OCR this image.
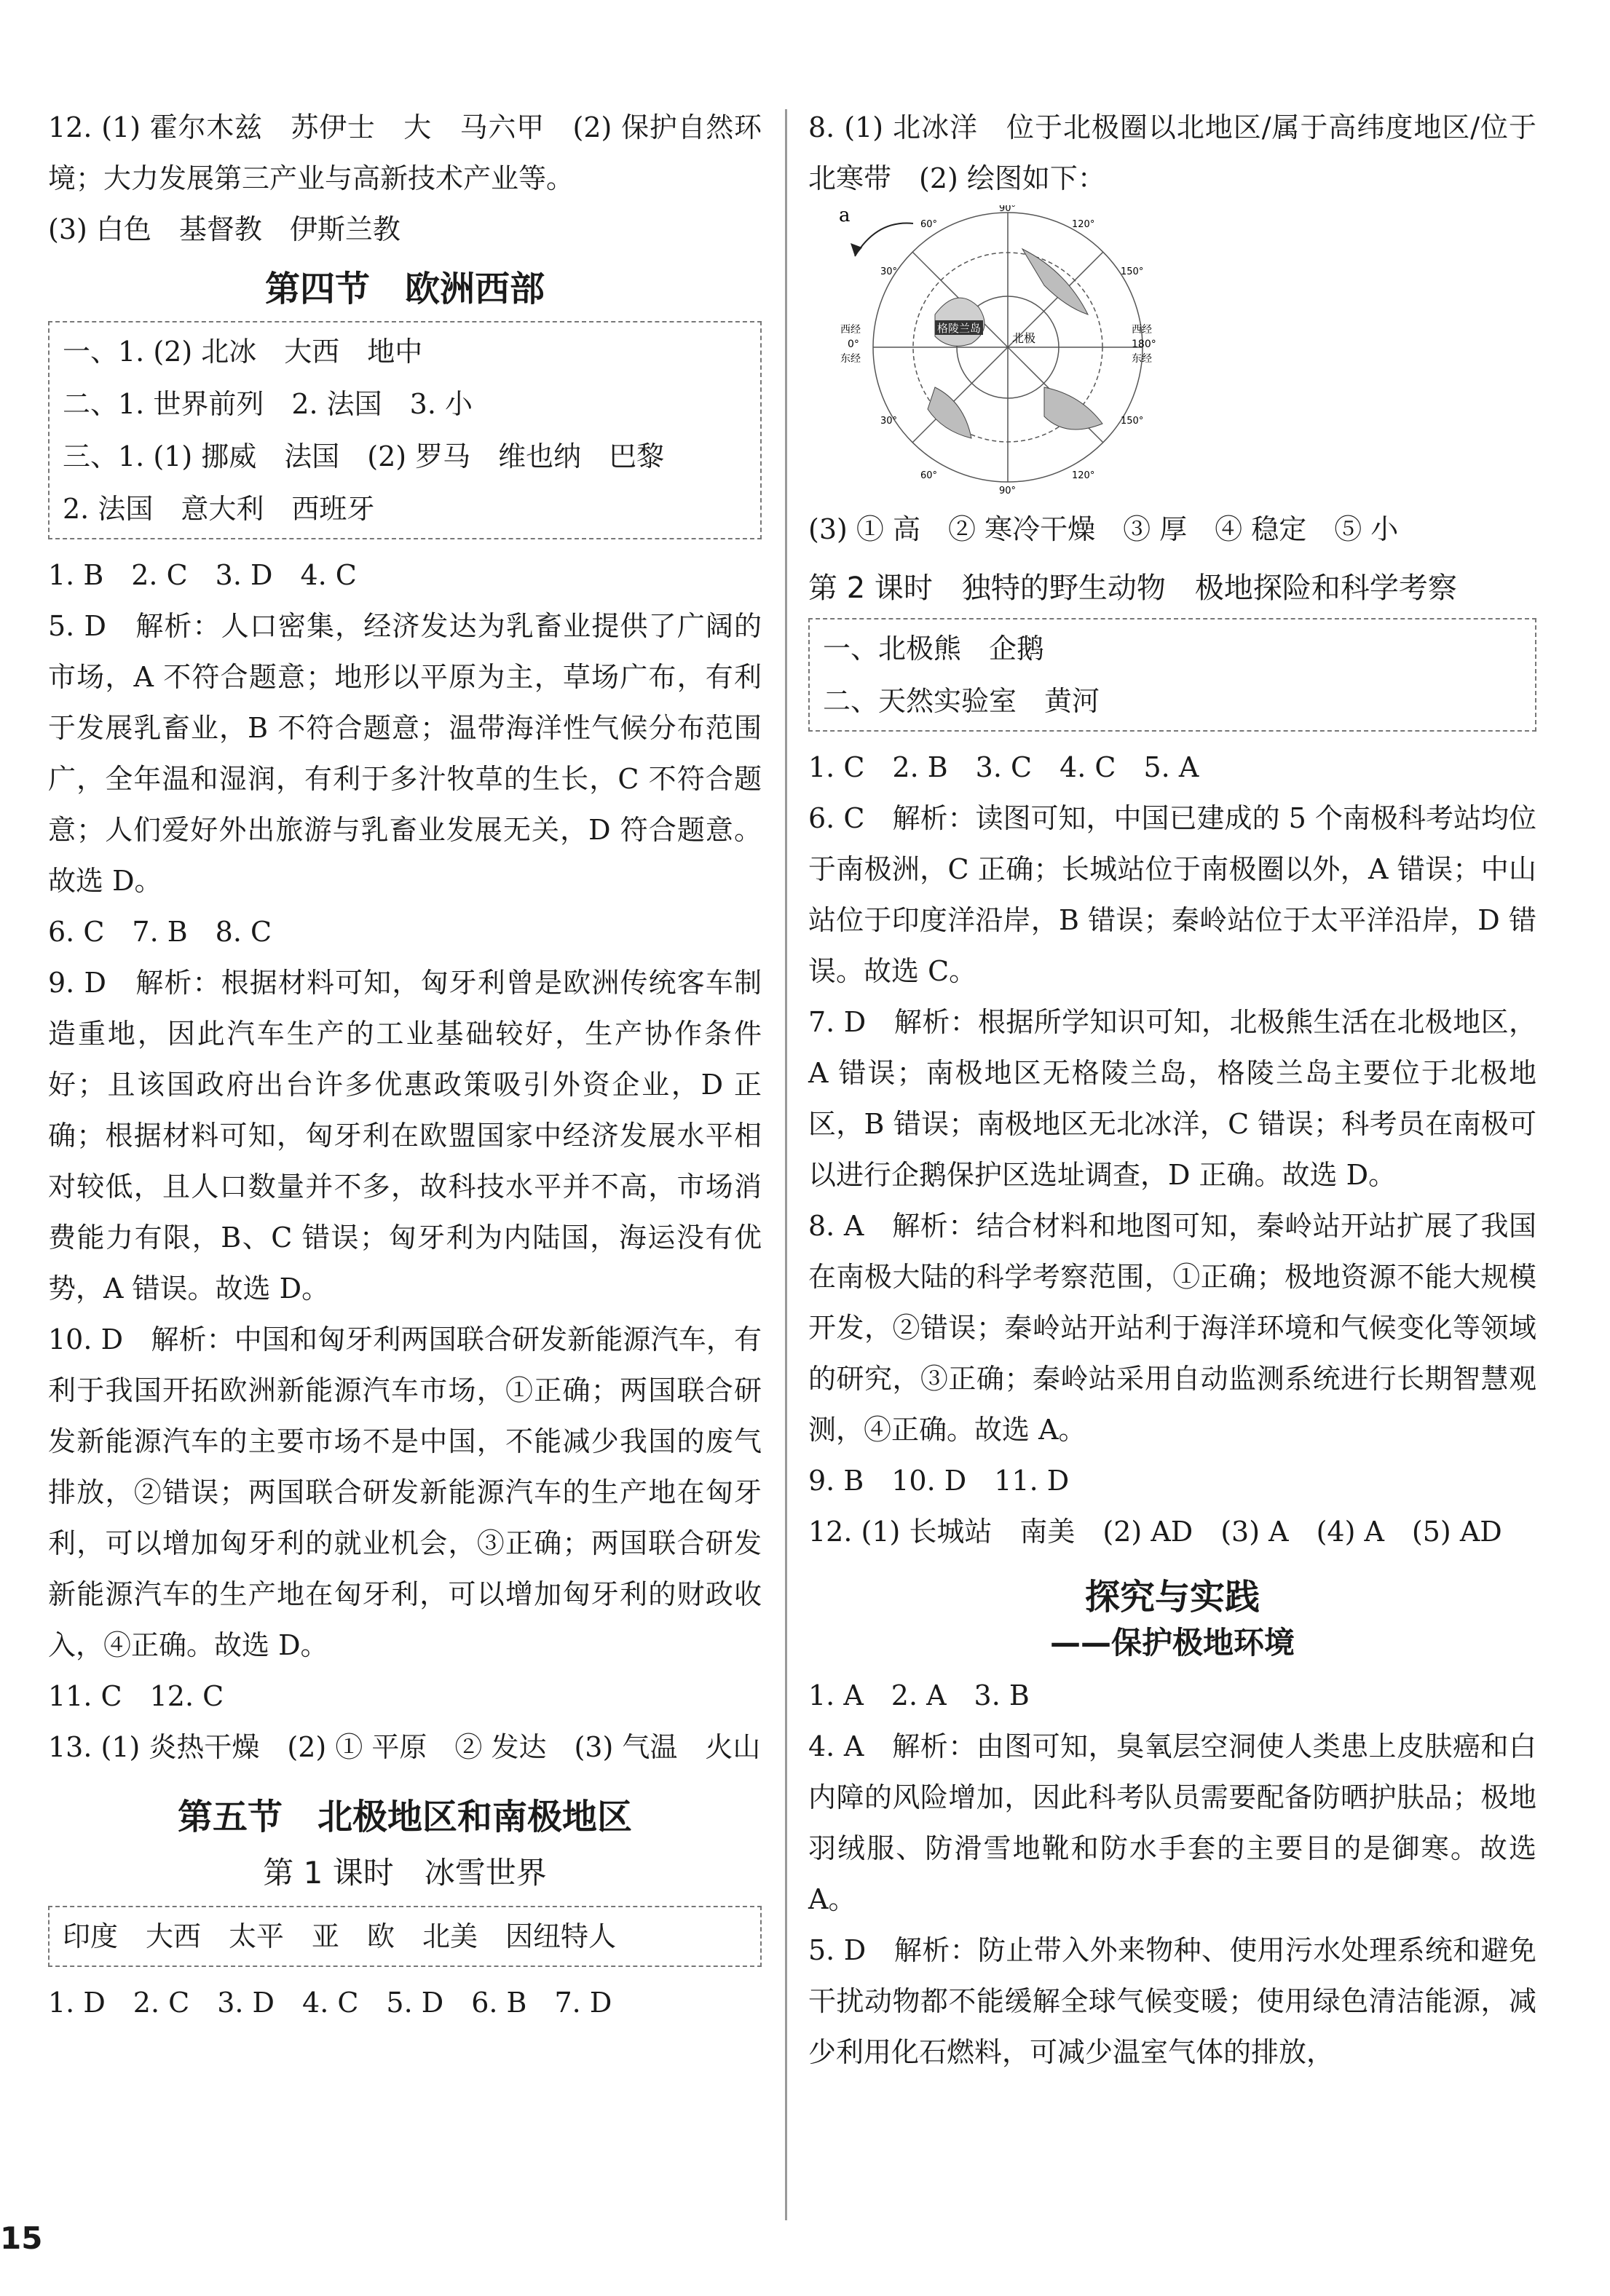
12. (1) 霍尔木兹　苏伊士　大　马六甲　(2) 保护自然环境；大力发展第三产业与高新技术产业等。

(3) 白色　基督教　伊斯兰教

第四节　欧洲西部

一、1. (2) 北冰　大西　地中

二、1. 世界前列　2. 法国　3. 小

三、1. (1) 挪威　法国　(2) 罗马　维也纳　巴黎

2. 法国　意大利　西班牙

1. B　2. C　3. D　4. C

5. D　解析：人口密集，经济发达为乳畜业提供了广阔的市场，A 不符合题意；地形以平原为主，草场广布，有利于发展乳畜业，B 不符合题意；温带海洋性气候分布范围广，全年温和湿润，有利于多汁牧草的生长，C 不符合题意；人们爱好外出旅游与乳畜业发展无关，D 符合题意。故选 D。

6. C　7. B　8. C

9. D　解析：根据材料可知，匈牙利曾是欧洲传统客车制造重地，因此汽车生产的工业基础较好，生产协作条件好；且该国政府出台许多优惠政策吸引外资企业，D 正确；根据材料可知，匈牙利在欧盟国家中经济发展水平相对较低，且人口数量并不多，故科技水平并不高，市场消费能力有限，B、C 错误；匈牙利为内陆国，海运没有优势，A 错误。故选 D。

10. D　解析：中国和匈牙利两国联合研发新能源汽车，有利于我国开拓欧洲新能源汽车市场，①正确；两国联合研发新能源汽车的主要市场不是中国，不能减少我国的废气排放，②错误；两国联合研发新能源汽车的生产地在匈牙利，可以增加匈牙利的就业机会，③正确；两国联合研发新能源汽车的生产地在匈牙利，可以增加匈牙利的财政收入，④正确。故选 D。

11. C　12. C

13. (1) 炎热干燥　(2) ① 平原　② 发达　(3) 气温　火山

第五节　北极地区和南极地区
第 1 课时　冰雪世界

印度　大西　太平　亚　欧　北美　因纽特人

1. D　2. C　3. D　4. C　5. D　6. B　7. D

8. (1) 北冰洋　位于北极圈以北地区/属于高纬度地区/位于北寒带　(2) 绘图如下：

a
格陵兰岛
北极
西经
0°
东经
西经
180°
东经
90°
120°
150°
150°
120°
90°
60°
30°
30°
60°

(3) ① 高　② 寒冷干燥　③ 厚　④ 稳定　⑤ 小

第 2 课时　独特的野生动物　极地探险和科学考察

一、北极熊　企鹅

二、天然实验室　黄河

1. C　2. B　3. C　4. C　5. A

6. C　解析：读图可知，中国已建成的 5 个南极科考站均位于南极洲，C 正确；长城站位于南极圈以外，A 错误；中山站位于印度洋沿岸，B 错误；秦岭站位于太平洋沿岸，D 错误。故选 C。

7. D　解析：根据所学知识可知，北极熊生活在北极地区，A 错误；南极地区无格陵兰岛，格陵兰岛主要位于北极地区，B 错误；南极地区无北冰洋，C 错误；科考员在南极可以进行企鹅保护区选址调查，D 正确。故选 D。

8. A　解析：结合材料和地图可知，秦岭站开站扩展了我国在南极大陆的科学考察范围，①正确；极地资源不能大规模开发，②错误；秦岭站开站利于海洋环境和气候变化等领域的研究，③正确；秦岭站采用自动监测系统进行长期智慧观测，④正确。故选 A。

9. B　10. D　11. D

12. (1) 长城站　南美　(2) AD　(3) A　(4) A　(5) AD

探究与实践
——保护极地环境

1. A　2. A　3. B

4. A　解析：由图可知，臭氧层空洞使人类患上皮肤癌和白内障的风险增加，因此科考队员需要配备防晒护肤品；极地羽绒服、防滑雪地靴和防水手套的主要目的是御寒。故选 A。

5. D　解析：防止带入外来物种、使用污水处理系统和避免干扰动物都不能缓解全球气候变暖；使用绿色清洁能源，减少利用化石燃料，可减少温室气体的排放，

15
